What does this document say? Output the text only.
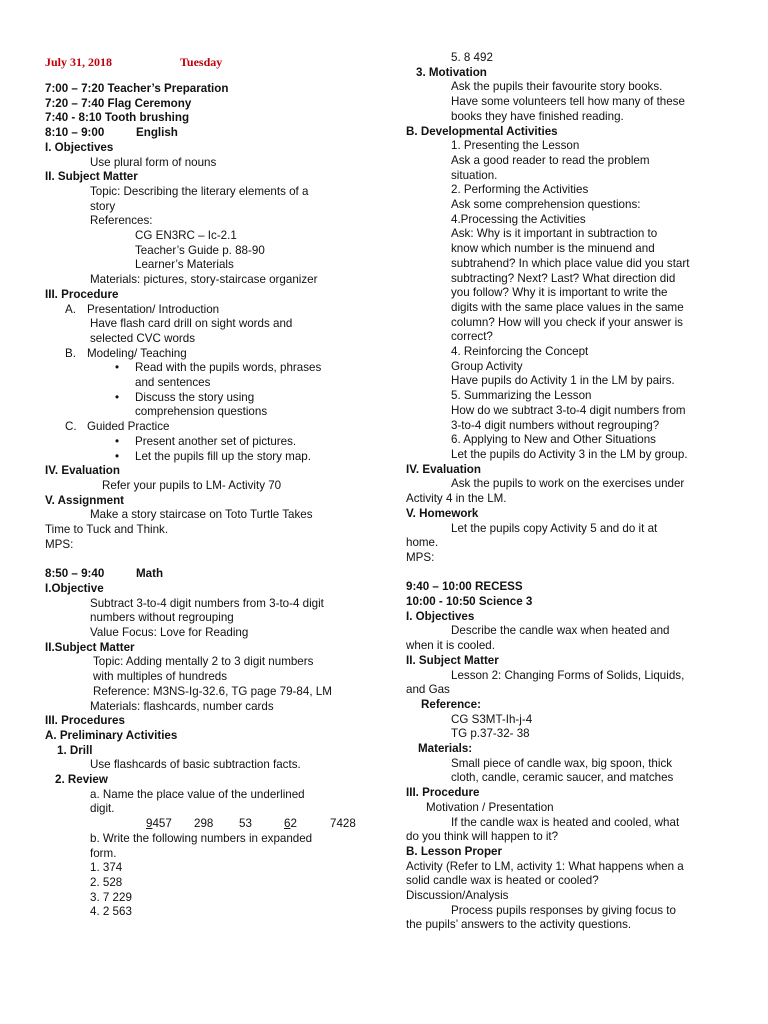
July 31, 2018	Tuesday
7:00 – 7:20 Teacher’s Preparation
7:20 – 7:40 Flag Ceremony
7:40 - 8:10 Tooth brushing
8:10 – 9:00	English
I. Objectives
Use plural form of nouns
II. Subject Matter
Topic: Describing the literary elements of a
story
References:
CG EN3RC – Ic-2.1
Teacher’s Guide p. 88-90
Learner’s Materials
Materials: pictures, story-staircase organizer
III. Procedure
A. Presentation/ Introduction
Have flash card drill on sight words and
selected CVC words
B. Modeling/ Teaching
• Read with the pupils words, phrases
and sentences
• Discuss the story using
comprehension questions
C. Guided Practice
• Present another set of pictures.
• Let the pupils fill up the story map.
IV. Evaluation
Refer your pupils to LM- Activity 70
V. Assignment
Make a story staircase on Toto Turtle Takes
Time to Tuck and Think.
MPS:
8:50 – 9:40	Math
I.Objective
Subtract 3-to-4 digit numbers from 3-to-4 digit
numbers without regrouping
Value Focus: Love for Reading
II.Subject Matter
Topic: Adding mentally 2 to 3 digit numbers
with multiples of hundreds
Reference: M3NS-Ig-32.6, TG page 79-84, LM
Materials: flashcards, number cards
III. Procedures
A. Preliminary Activities
1. Drill
Use flashcards of basic subtraction facts.
2. Review
a. Name the place value of the underlined
digit.
9457 298 53	62	7428
b. Write the following numbers in expanded
form.
1. 374
2. 528
3. 7 229
4. 2 563
5. 8 492
3. Motivation
Ask the pupils their favourite story books.
Have some volunteers tell how many of these
books they have finished reading.
B. Developmental Activities
1. Presenting the Lesson
Ask a good reader to read the problem
situation.
2. Performing the Activities
Ask some comprehension questions:
4.Processing the Activities
Ask: Why is it important in subtraction to
know which number is the minuend and
subtrahend? In which place value did you start
subtracting? Next? Last? What direction did
you follow? Why it is important to write the
digits with the same place values in the same
column? How will you check if your answer is
correct?
4. Reinforcing the Concept
Group Activity
Have pupils do Activity 1 in the LM by pairs.
5. Summarizing the Lesson
How do we subtract 3-to-4 digit numbers from
3-to-4 digit numbers without regrouping?
6. Applying to New and Other Situations
Let the pupils do Activity 3 in the LM by group.
IV. Evaluation
Ask the pupils to work on the exercises under
Activity 4 in the LM.
V. Homework
Let the pupils copy Activity 5 and do it at
home.
MPS:
9:40 – 10:00 RECESS
10:00 - 10:50 Science 3
I. Objectives
Describe the candle wax when heated and
when it is cooled.
II. Subject Matter
Lesson 2: Changing Forms of Solids, Liquids,
and Gas
Reference:
CG S3MT-Ih-j-4
TG p.37-32- 38
Materials:
Small piece of candle wax, big spoon, thick
cloth, candle, ceramic saucer, and matches
III. Procedure
Motivation / Presentation
If the candle wax is heated and cooled, what
do you think will happen to it?
B. Lesson Proper
Activity (Refer to LM, activity 1: What happens when a
solid candle wax is heated or cooled?
Discussion/Analysis
Process pupils responses by giving focus to
the pupils’ answers to the activity questions.
